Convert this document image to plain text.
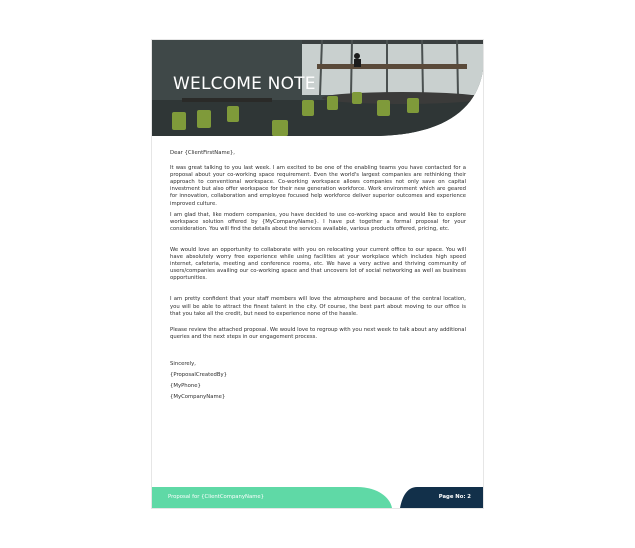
WELCOME NOTE

Dear {ClientFirstName},

It was great talking to you last week. I am excited to be one of the enabling teams you have contacted for a proposal about your co-working space requirement. Even the world's largest companies are rethinking their approach to conventional workspace. Co-working workspace allows companies not only save on capital investment but also offer workspace for their new generation workforce. Work environment which are geared for innovation, collaboration and employee focused help workforce deliver superior outcomes and experience improved culture.

I am glad that, like modern companies, you have decided to use co-working space and would like to explore workspace solution offered by {MyCompanyName}. I have put together a formal proposal for your consideration. You will find the details about the services available, various products offered, pricing, etc.

We would love an opportunity to collaborate with you on relocating your current office to our space. You will have absolutely worry free experience while using facilities at your workplace which includes high speed internet, cafeteria, meeting and conference rooms, etc. We have a very active and thriving community of users/companies availing our co-working space and that uncovers lot of social networking as well as business opportunities.

I am pretty confident that your staff members will love the atmosphere and because of the central location, you will be able to attract the finest talent in the city. Of course, the best part about moving to our office is that you take all the credit, but need to experience none of the hassle.

Please review the attached proposal. We would love to regroup with you next week to talk about any additional queries and the next steps in our engagement process.

Sincerely,

{ProposalCreatedBy}

{MyPhone}

{MyCompanyName}

Proposal for {ClientCompanyName}	Page No: 2
